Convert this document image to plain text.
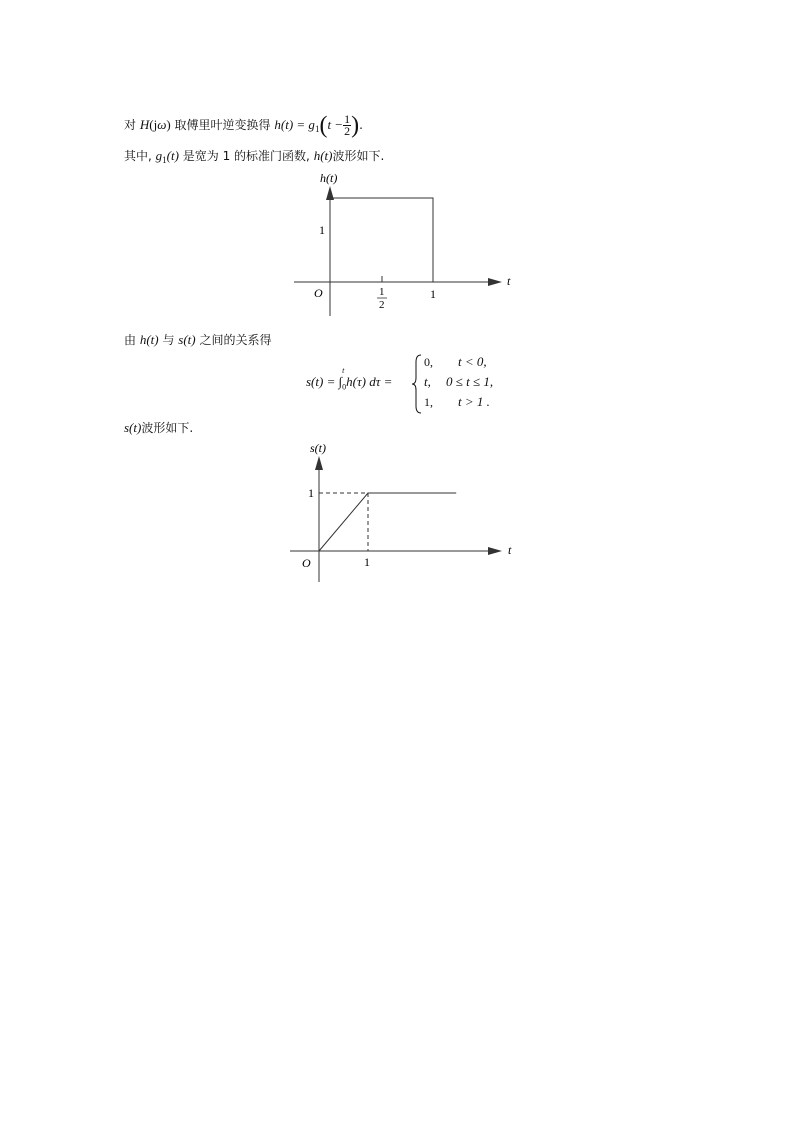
对 H(jω) 取傅里叶逆变换得 $h(t) = g_1(t - \frac{1}{2}$ ).
其中, $g_1(t)$ 是宽为 1 的标准门函数, h(t)波形如下.
h(t)
t
O
1
1
2
1
由 h(t) 与 s(t) 之间的关系得
$s(t) = \int_0$
t
h(τ) dτ =
0, t < 0,
t, 0 ≤ t ≤ 1,
1, t > 1 .
s(t)波形如下.
s(t)
t
O
1
1
